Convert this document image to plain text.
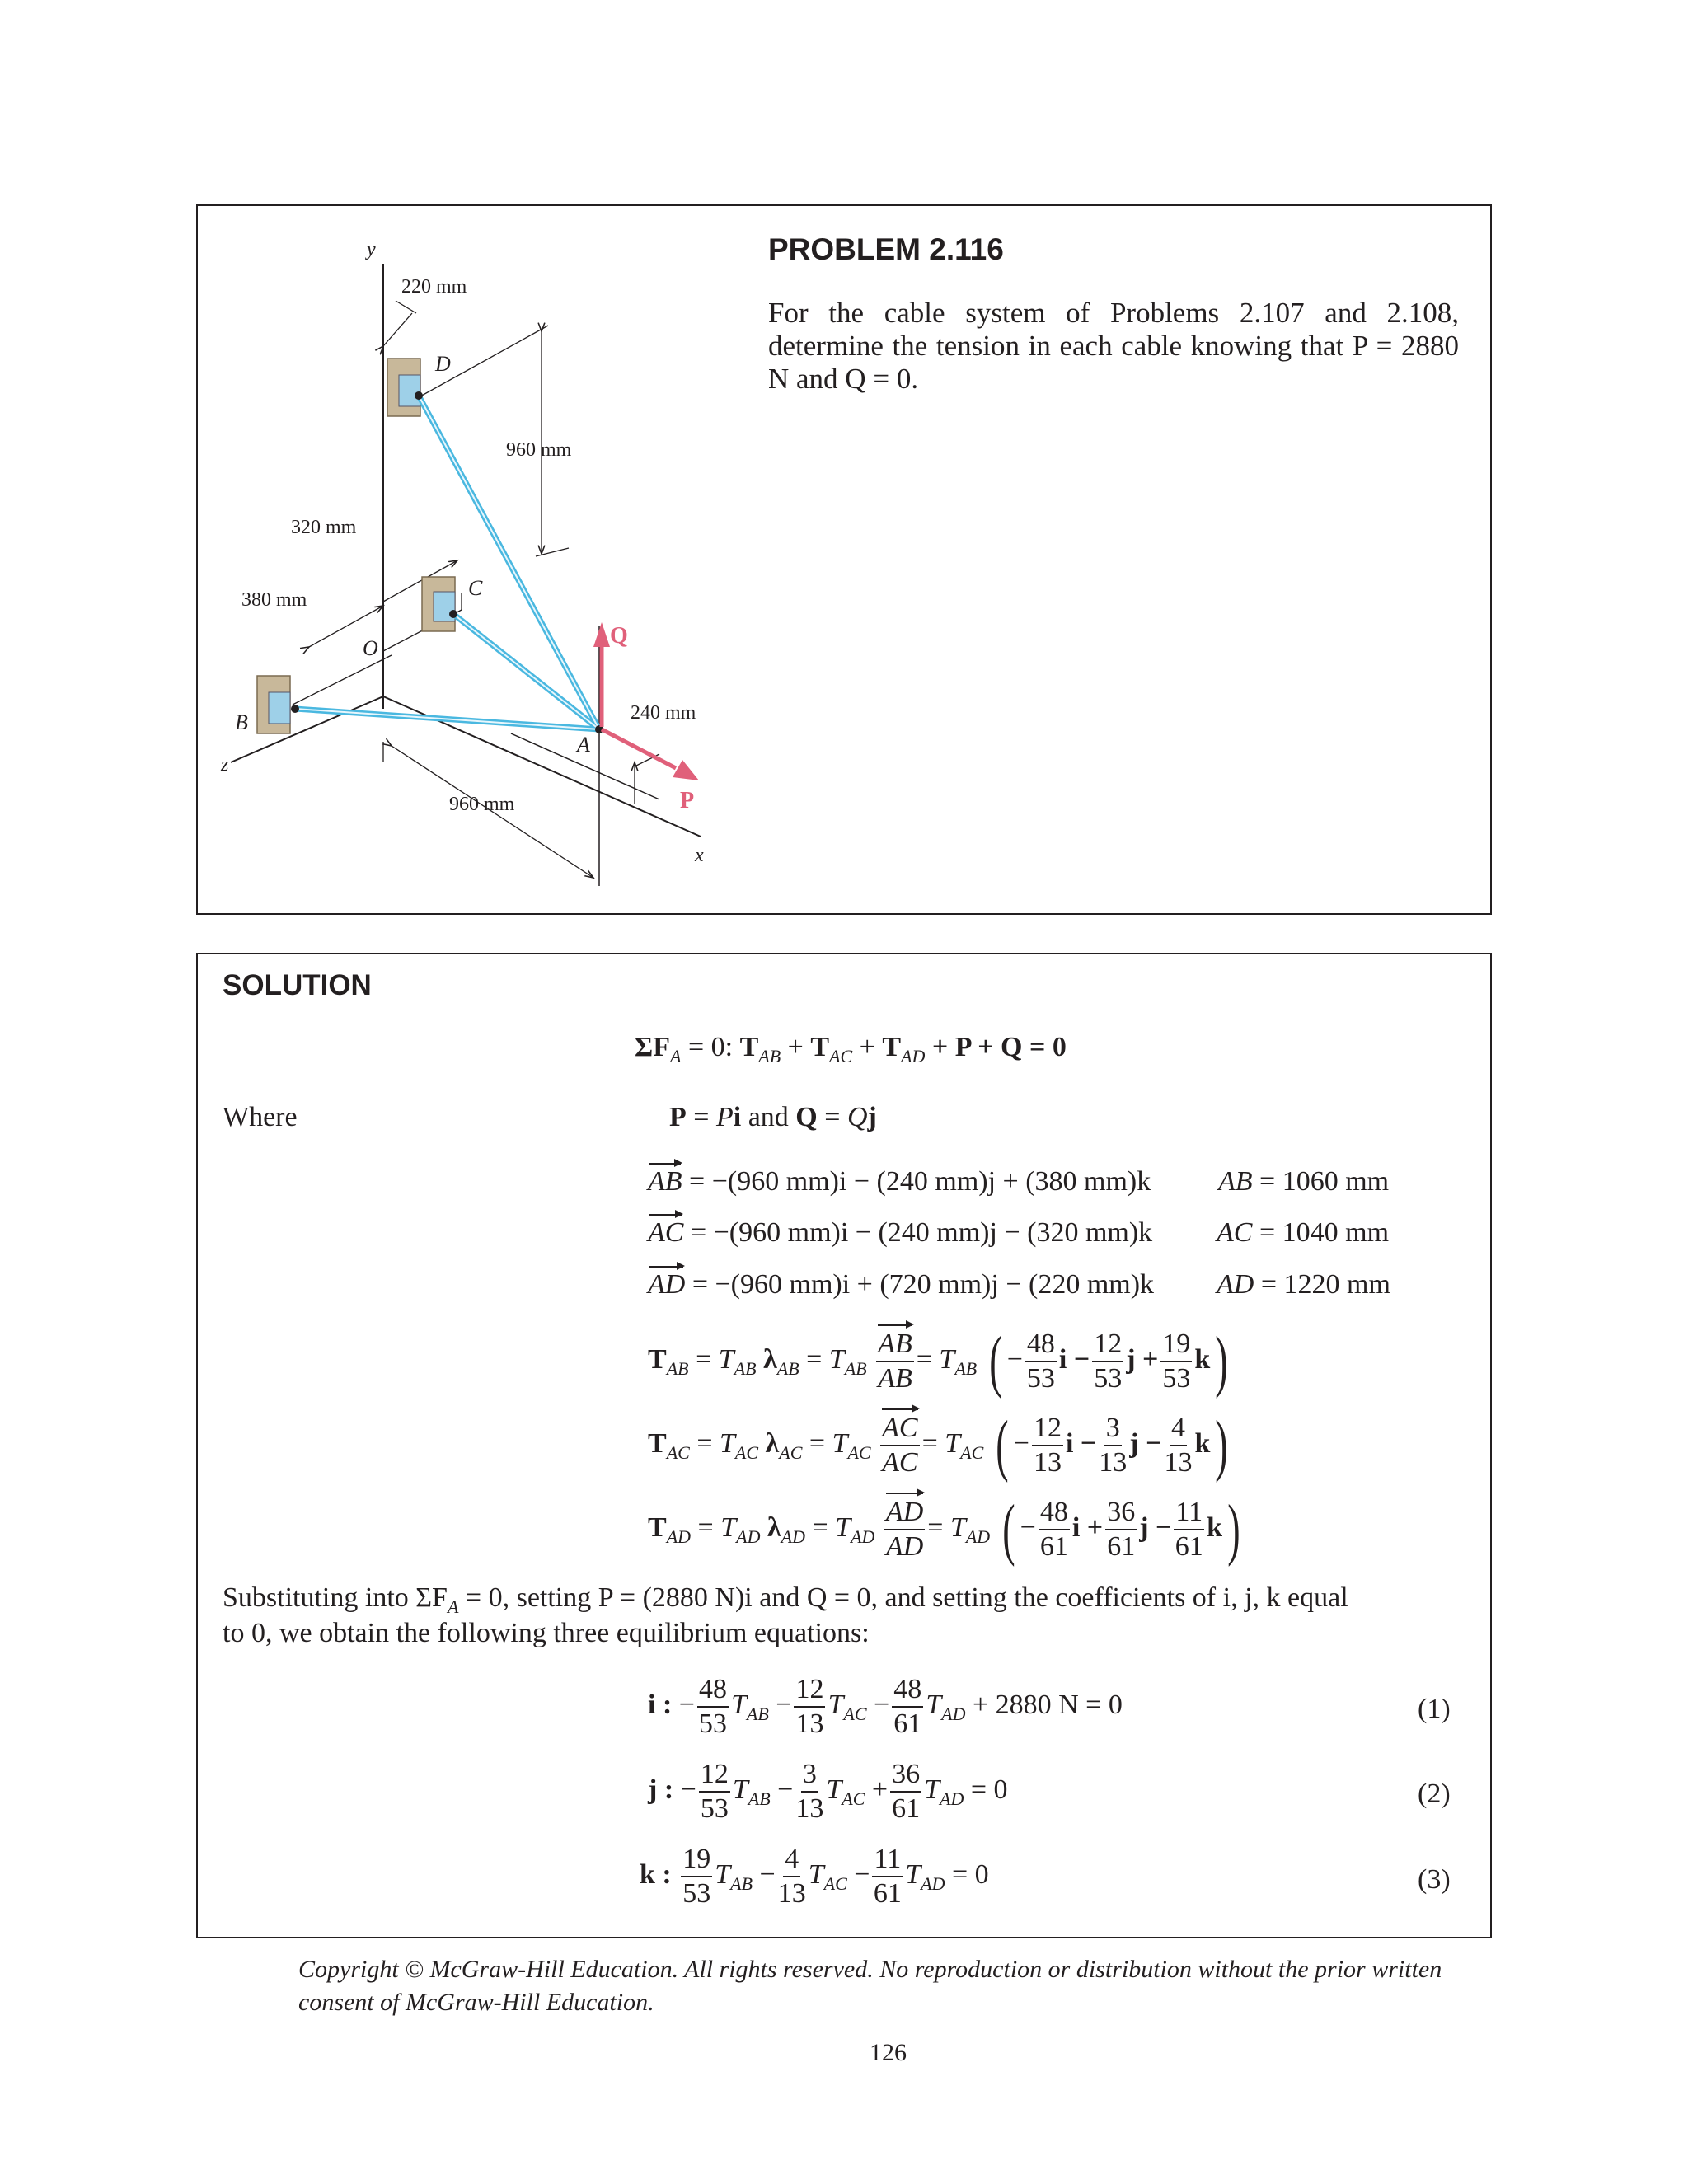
PROBLEM 2.116
For the cable system of Problems 2.107 and 2.108, determine the tension in each cable knowing that P = 2880 N and Q = 0.
y
z
x
O
A
B
C
D
P
Q
220 mm
960 mm
320 mm
380 mm
240 mm
960 mm
SOLUTION
$\Sigma F_A = 0$: $T_{AB} + T_{AC} + T_{AD} + P + Q = 0$
Where	P = Pi and Q = Qj
AB = −(960 mm)i − (240 mm)j + (380 mm)k AB = 1060 mm
AC = −(960 mm)i − (240 mm)j − (320 mm)k AC = 1040 mm
AD = −(960 mm)i + (720 mm)j − (220 mm)k AD = 1220 mm
$T_{AB} = T_{AB}$ $\lambda_{AB} = T_{AB} \frac{AB}{AB} = T_{AB}$ ( − $\frac{48}{53}$ $i - \frac{12}{53}$ $j + \frac{19}{53} k$)
$T_{AC} = T_{AC}$ $\lambda_{AC} = T_{AC} \frac{AC}{AC} = T_{AC}$ ( − $\frac{12}{13}$ $i - \frac{3}{13}$ $j - \frac{4}{13} k$)
$T_{AD} = T_{AD}$ $\lambda_{AD} = T_{AD} \frac{AD}{AD} = T_{AD}$ ( − $\frac{48}{61}$ $i + \frac{36}{61}$ $j - \frac{11}{61} k$)
Substituting into $\Sigma F_A = 0$, setting P = (2880 N)i and Q = 0, and setting the coefficients of i, j, k equal
to 0, we obtain the following three equilibrium equations:
i : − $\frac{48}{53} T_{AB} - \frac{12}{13} T_{AC} - \frac{48}{61} T_{AD} + 2880$ N = 0	(1)
j : − $\frac{12}{53} T_{AB} - \frac{3}{13} T_{AC} + \frac{36}{61} T_{AD} = 0$	(2)
k : $\frac{19}{53} T_{AB} - \frac{4}{13} T_{AC} - \frac{11}{61} T_{AD} = 0$	(3)
Copyright © McGraw-Hill Education. All rights reserved. No reproduction or distribution without the prior written consent of McGraw-Hill Education.
126
